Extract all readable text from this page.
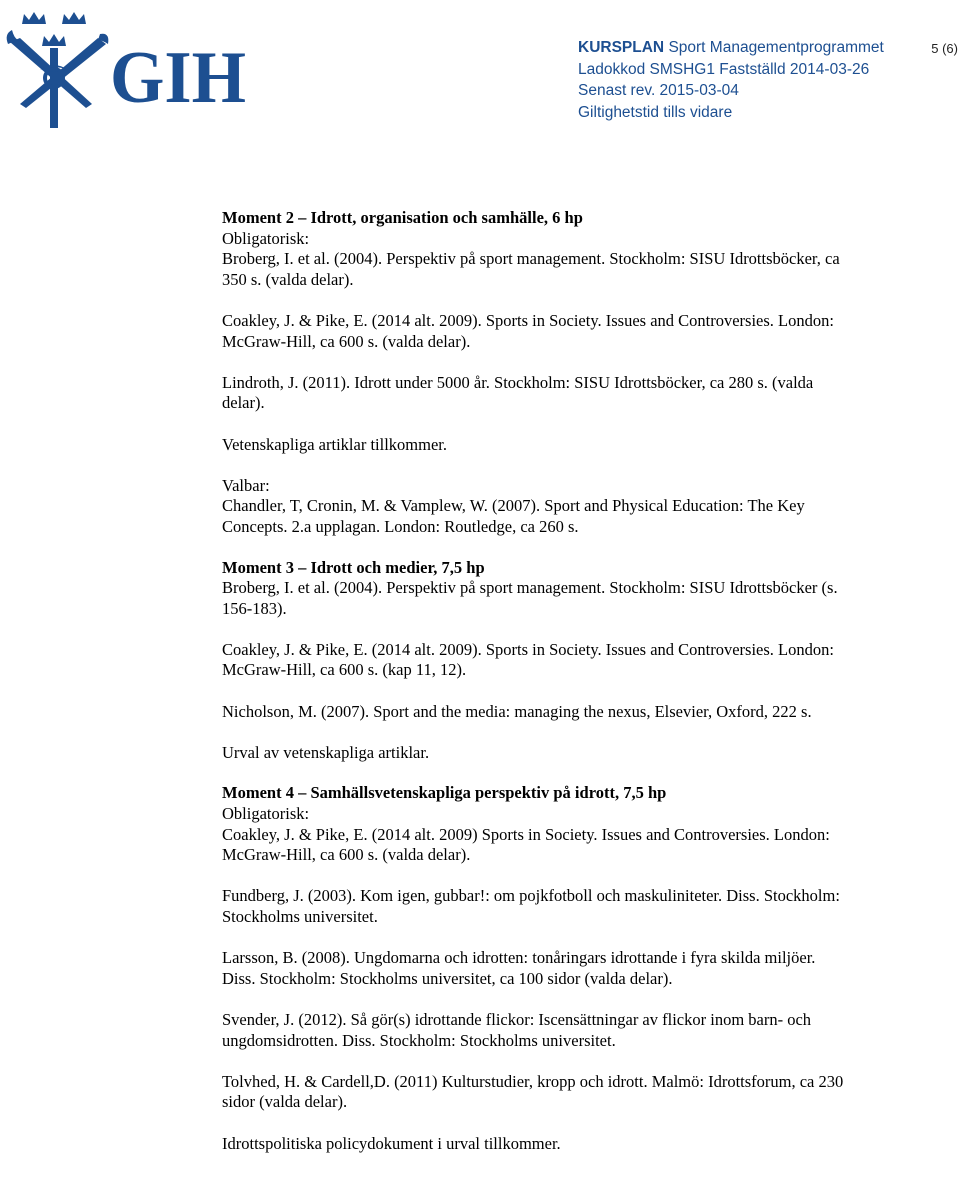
GIH	KURSPLAN Sport Managementprogrammet
Ladokkod SMSHG1 Fastställd 2014-03-26
Senast rev. 2015-03-04
Giltighetstid tills vidare
5 (6)
Moment 2 – Idrott, organisation och samhälle, 6 hp
Obligatorisk:
Broberg, I. et al. (2004). Perspektiv på sport management. Stockholm: SISU Idrottsböcker, ca
350 s. (valda delar).
Coakley, J. & Pike, E. (2014 alt. 2009). Sports in Society. Issues and Controversies. London:
McGraw-Hill, ca 600 s. (valda delar).
Lindroth, J. (2011). Idrott under 5000 år. Stockholm: SISU Idrottsböcker, ca 280 s. (valda
delar).
Vetenskapliga artiklar tillkommer.
Valbar:
Chandler, T, Cronin, M. & Vamplew, W. (2007). Sport and Physical Education: The Key
Concepts. 2.a upplagan. London: Routledge, ca 260 s.
Moment 3 – Idrott och medier, 7,5 hp
Broberg, I. et al. (2004). Perspektiv på sport management. Stockholm: SISU Idrottsböcker (s.
156-183).
Coakley, J. & Pike, E. (2014 alt. 2009). Sports in Society. Issues and Controversies. London:
McGraw-Hill, ca 600 s. (kap 11, 12).
Nicholson, M. (2007). Sport and the media: managing the nexus, Elsevier, Oxford, 222 s.
Urval av vetenskapliga artiklar.
Moment 4 – Samhällsvetenskapliga perspektiv på idrott, 7,5 hp
Obligatorisk:
Coakley, J. & Pike, E. (2014 alt. 2009) Sports in Society. Issues and Controversies. London:
McGraw-Hill, ca 600 s. (valda delar).
Fundberg, J. (2003). Kom igen, gubbar!: om pojkfotboll och maskuliniteter. Diss. Stockholm:
Stockholms universitet.
Larsson, B. (2008). Ungdomarna och idrotten: tonåringars idrottande i fyra skilda miljöer.
Diss. Stockholm: Stockholms universitet, ca 100 sidor (valda delar).
Svender, J. (2012). Så gör(s) idrottande flickor: Iscensättningar av flickor inom barn- och
ungdomsidrotten. Diss. Stockholm: Stockholms universitet.
Tolvhed, H. & Cardell,D. (2011) Kulturstudier, kropp och idrott. Malmö: Idrottsforum, ca 230
sidor (valda delar).
Idrottspolitiska policydokument i urval tillkommer.
